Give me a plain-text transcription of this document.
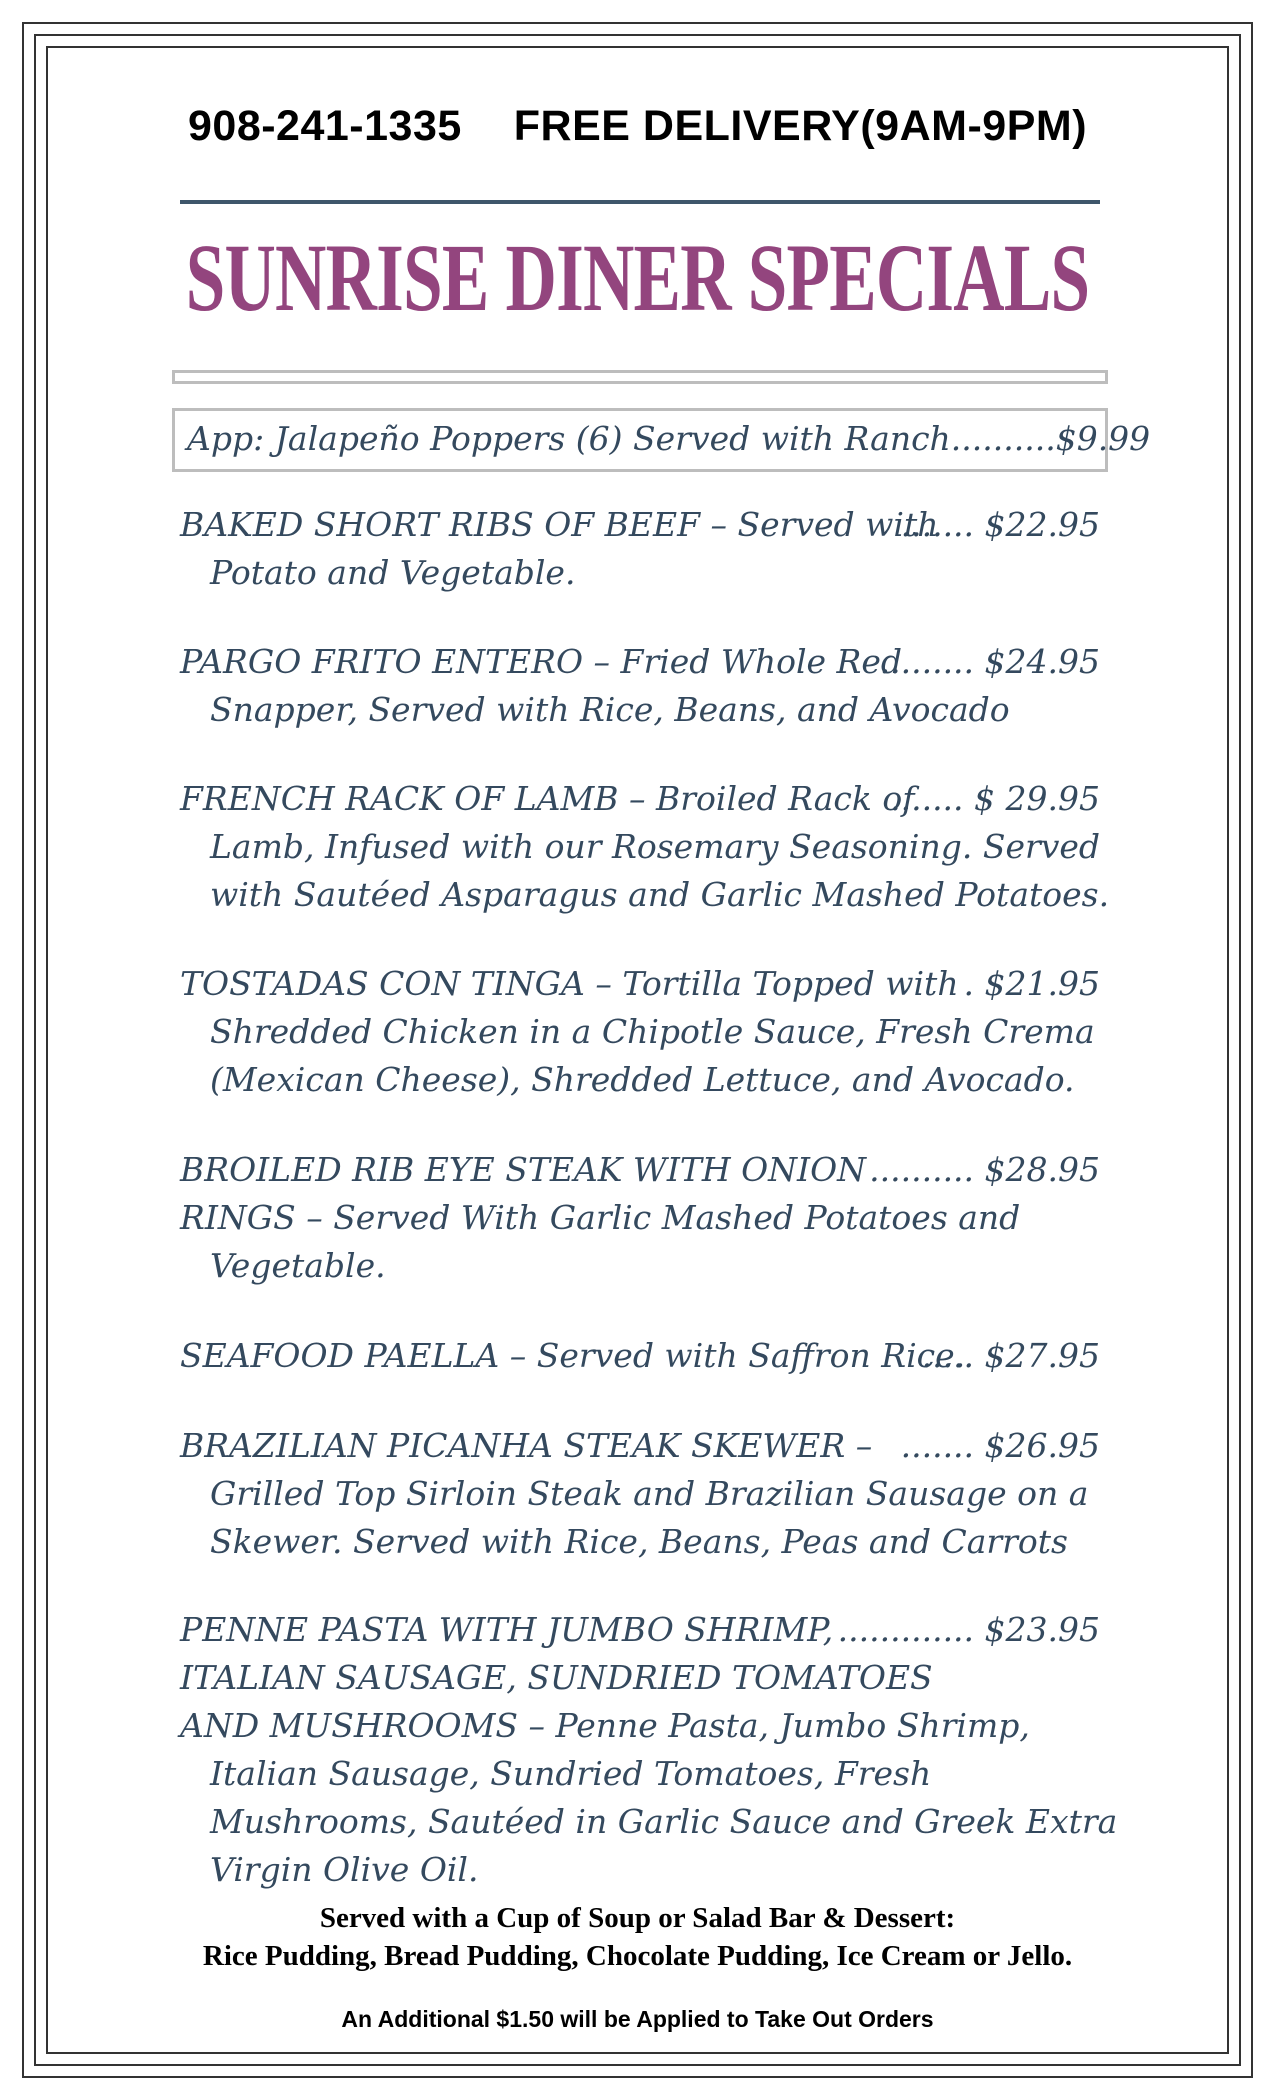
908-241-1335 FREE DELIVERY(9AM-9PM)
SUNRISE DINER SPECIALS
App: Jalapeño Poppers (6) Served with Ranch..........$9.99
BAKED SHORT RIBS OF BEEF – Served with
....... $22.95
Potato and Vegetable.
PARGO FRITO ENTERO – Fried Whole Red
......... $24.95
Snapper, Served with Rice, Beans, and Avocado
FRENCH RACK OF LAMB – Broiled Rack of
....... $ 29.95
Lamb, Infused with our Rosemary Seasoning. Served
with Sautéed Asparagus and Garlic Mashed Potatoes.
TOSTADAS CON TINGA – Tortilla Topped with . $21.95
Shredded Chicken in a Chipotle Sauce, Fresh Crema
(Mexican Cheese), Shredded Lettuce, and Avocado.
BROILED RIB EYE STEAK WITH ONION .......... $28.95
RINGS – Served With Garlic Mashed Potatoes and
Vegetable.
SEAFOOD PAELLA – Served with Saffron Rice.
..... $27.95
BRAZILIAN PICANHA STEAK SKEWER – ....... $26.95
Grilled Top Sirloin Steak and Brazilian Sausage on a
Skewer. Served with Rice, Beans, Peas and Carrots
PENNE PASTA WITH JUMBO SHRIMP, ............. $23.95
ITALIAN SAUSAGE, SUNDRIED TOMATOES
AND MUSHROOMS – Penne Pasta, Jumbo Shrimp,
Italian Sausage, Sundried Tomatoes, Fresh
Mushrooms, Sautéed in Garlic Sauce and Greek Extra
Virgin Olive Oil.
Served with a Cup of Soup or Salad Bar & Dessert:
Rice Pudding, Bread Pudding, Chocolate Pudding, Ice Cream or Jello.
An Additional $1.50 will be Applied to Take Out Orders
